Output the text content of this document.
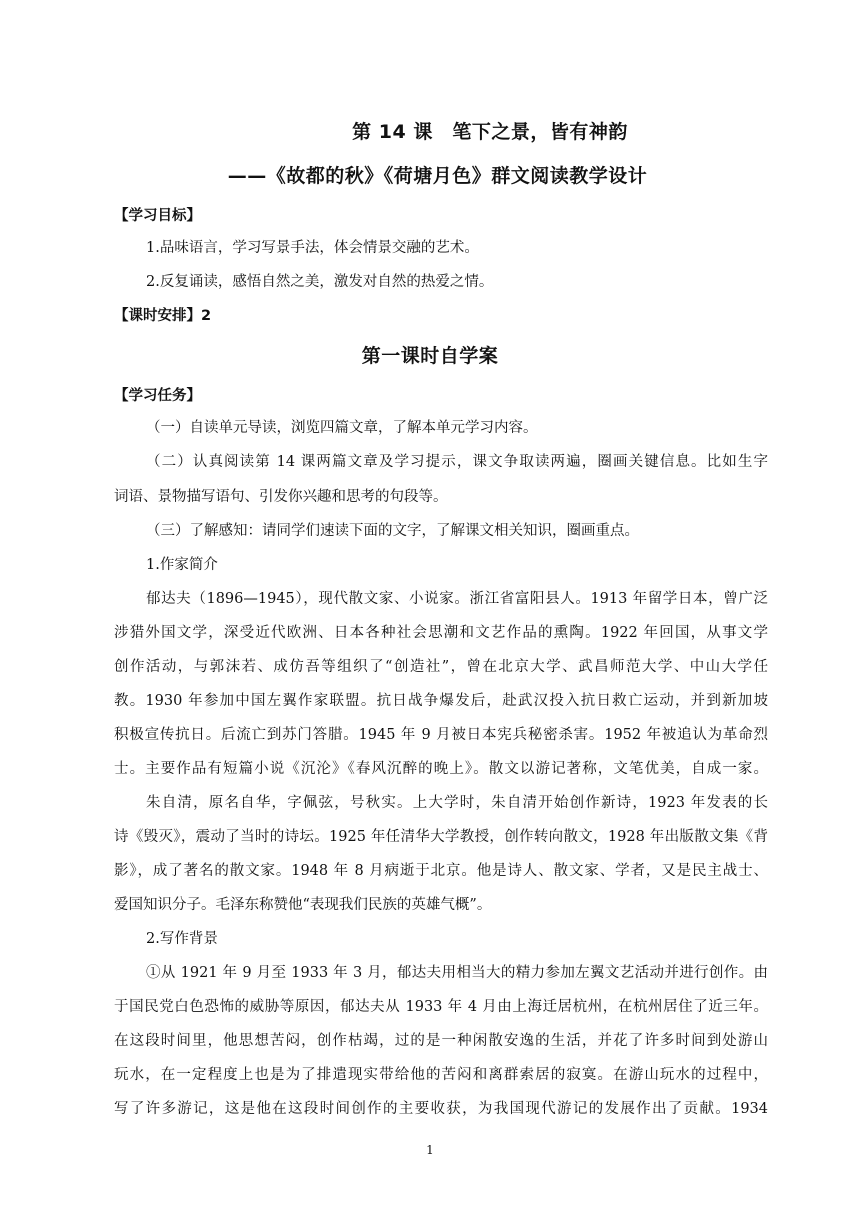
第 14 课　笔下之景，皆有神韵
——《故都的秋》《荷塘月色》群文阅读教学设计
【学习目标】
1.品味语言，学习写景手法，体会情景交融的艺术。
2.反复诵读，感悟自然之美，激发对自然的热爱之情。
【课时安排】2
第一课时自学案
【学习任务】
（一）自读单元导读，浏览四篇文章，了解本单元学习内容。
（二）认真阅读第 14 课两篇文章及学习提示，课文争取读两遍，圈画关键信息。比如生字
词语、景物描写语句、引发你兴趣和思考的句段等。
（三）了解感知：请同学们速读下面的文字，了解课文相关知识，圈画重点。
1.作家简介
郁达夫（1896—1945），现代散文家、小说家。浙江省富阳县人。1913 年留学日本，曾广泛
涉猎外国文学，深受近代欧洲、日本各种社会思潮和文艺作品的熏陶。1922 年回国，从事文学
创作活动，与郭沫若、成仿吾等组织了“创造社”，曾在北京大学、武昌师范大学、中山大学任
教。1930 年参加中国左翼作家联盟。抗日战争爆发后，赴武汉投入抗日救亡运动，并到新加坡
积极宣传抗日。后流亡到苏门答腊。1945 年 9 月被日本宪兵秘密杀害。1952 年被追认为革命烈
士。主要作品有短篇小说《沉沦》《春风沉醉的晚上》。散文以游记著称，文笔优美，自成一家。
朱自清，原名自华，字佩弦，号秋实。上大学时，朱自清开始创作新诗，1923 年发表的长
诗《毁灭》，震动了当时的诗坛。1925 年任清华大学教授，创作转向散文，1928 年出版散文集《背
影》，成了著名的散文家。1948 年 8 月病逝于北京。他是诗人、散文家、学者，又是民主战士、
爱国知识分子。毛泽东称赞他“表现我们民族的英雄气概”。
2.写作背景
①从 1921 年 9 月至 1933 年 3 月，郁达夫用相当大的精力参加左翼文艺活动并进行创作。由
于国民党白色恐怖的威胁等原因，郁达夫从 1933 年 4 月由上海迁居杭州，在杭州居住了近三年。
在这段时间里，他思想苦闷，创作枯竭，过的是一种闲散安逸的生活，并花了许多时间到处游山
玩水，在一定程度上也是为了排遣现实带给他的苦闷和离群索居的寂寞。在游山玩水的过程中，
写了许多游记，这是他在这段时间创作的主要收获，为我国现代游记的发展作出了贡献。1934
1
